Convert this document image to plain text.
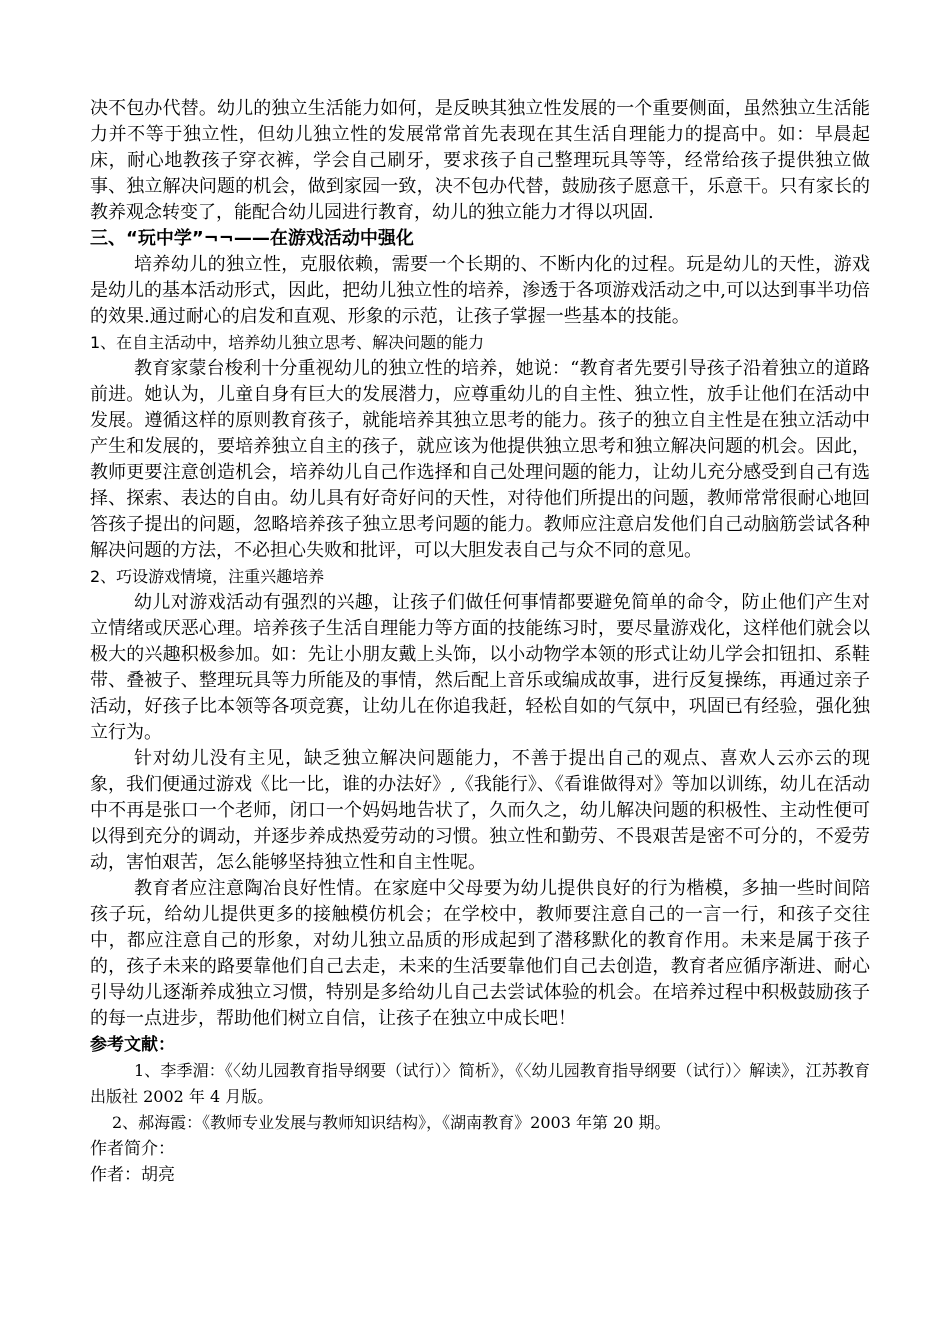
决不包办代替。幼儿的独立生活能力如何，是反映其独立性发展的一个重要侧面，虽然独立生活能力并不等于独立性，但幼儿独立性的发展常常首先表现在其生活自理能力的提高中。如：早晨起床，耐心地教孩子穿衣裤，学会自己刷牙，要求孩子自己整理玩具等等，经常给孩子提供独立做事、独立解决问题的机会，做到家园一致，决不包办代替，鼓励孩子愿意干，乐意干。只有家长的教养观念转变了，能配合幼儿园进行教育，幼儿的独立能力才得以巩固.

三、“玩中学”¬¬——在游戏活动中强化

培养幼儿的独立性，克服依赖，需要一个长期的、不断内化的过程。玩是幼儿的天性，游戏是幼儿的基本活动形式，因此，把幼儿独立性的培养，渗透于各项游戏活动之中,可以达到事半功倍的效果.通过耐心的启发和直观、形象的示范，让孩子掌握一些基本的技能。

1、在自主活动中，培养幼儿独立思考、解决问题的能力

教育家蒙台梭利十分重视幼儿的独立性的培养，她说：“教育者先要引导孩子沿着独立的道路前进。她认为，儿童自身有巨大的发展潜力，应尊重幼儿的自主性、独立性，放手让他们在活动中发展。遵循这样的原则教育孩子，就能培养其独立思考的能力。孩子的独立自主性是在独立活动中产生和发展的，要培养独立自主的孩子，就应该为他提供独立思考和独立解决问题的机会。因此，教师更要注意创造机会，培养幼儿自己作选择和自己处理问题的能力，让幼儿充分感受到自己有选择、探索、表达的自由。幼儿具有好奇好问的天性，对待他们所提出的问题，教师常常很耐心地回答孩子提出的问题，忽略培养孩子独立思考问题的能力。教师应注意启发他们自己动脑筋尝试各种解决问题的方法，不必担心失败和批评，可以大胆发表自己与众不同的意见。

2、巧设游戏情境，注重兴趣培养

幼儿对游戏活动有强烈的兴趣，让孩子们做任何事情都要避免简单的命令，防止他们产生对立情绪或厌恶心理。培养孩子生活自理能力等方面的技能练习时，要尽量游戏化，这样他们就会以极大的兴趣积极参加。如：先让小朋友戴上头饰，以小动物学本领的形式让幼儿学会扣钮扣、系鞋带、叠被子、整理玩具等力所能及的事情，然后配上音乐或编成故事，进行反复操练，再通过亲子活动，好孩子比本领等各项竞赛，让幼儿在你追我赶，轻松自如的气氛中，巩固已有经验，强化独立行为。

针对幼儿没有主见，缺乏独立解决问题能力，不善于提出自己的观点、喜欢人云亦云的现象，我们便通过游戏《比一比，谁的办法好》,《我能行》、《看谁做得对》等加以训练，幼儿在活动中不再是张口一个老师，闭口一个妈妈地告状了，久而久之，幼儿解决问题的积极性、主动性便可以得到充分的调动，并逐步养成热爱劳动的习惯。独立性和勤劳、不畏艰苦是密不可分的，不爱劳动，害怕艰苦，怎么能够坚持独立性和自主性呢。

教育者应注意陶冶良好性情。在家庭中父母要为幼儿提供良好的行为楷模，多抽一些时间陪孩子玩，给幼儿提供更多的接触模仿机会；在学校中，教师要注意自己的一言一行，和孩子交往中，都应注意自己的形象，对幼儿独立品质的形成起到了潜移默化的教育作用。未来是属于孩子的，孩子未来的路要靠他们自己去走，未来的生活要靠他们自己去创造，教育者应循序渐进、耐心引导幼儿逐渐养成独立习惯，特别是多给幼儿自己去尝试体验的机会。在培养过程中积极鼓励孩子的每一点进步，帮助他们树立自信，让孩子在独立中成长吧！

参考文献：

1、李季湄：《〈幼儿园教育指导纲要（试行）〉简析》，《〈幼儿园教育指导纲要（试行）〉解读》，江苏教育出版社 2002 年 4 月版。

2、郝海霞：《教师专业发展与教师知识结构》，《湖南教育》2003 年第 20 期。

作者简介：

作者：胡亮
